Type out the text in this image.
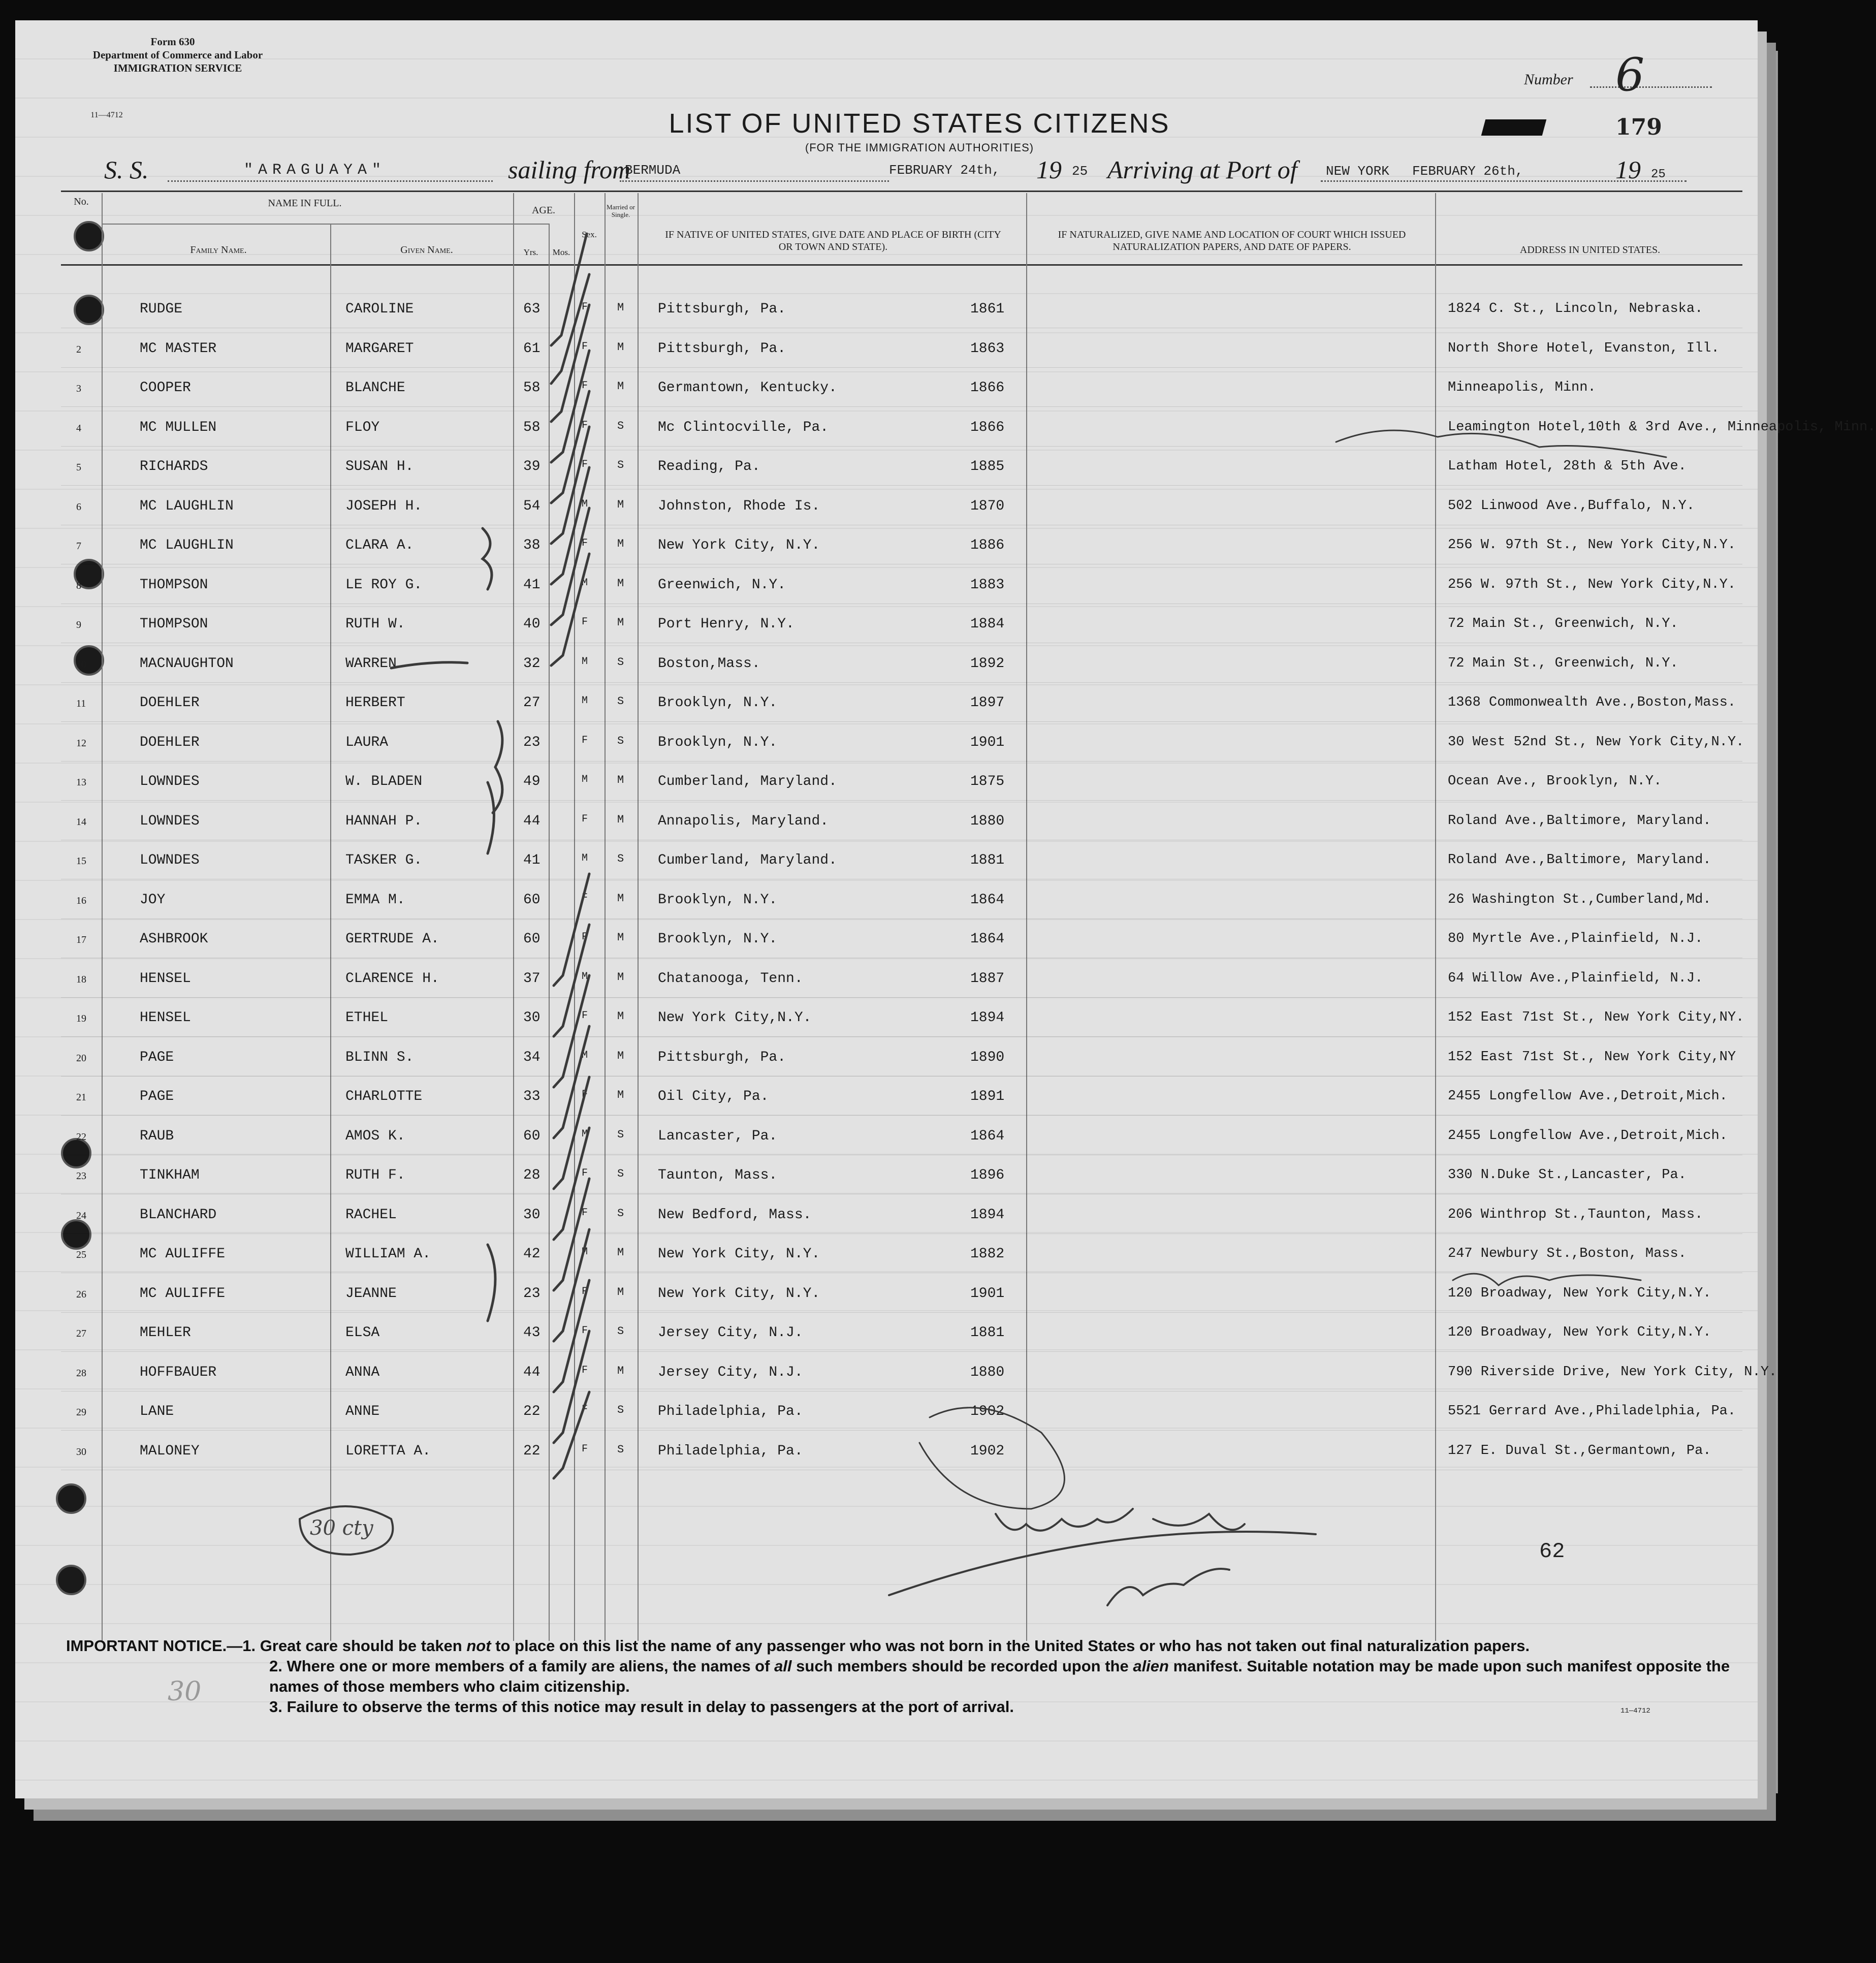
Form 630
Department of Commerce and Labor
IMMIGRATION SERVICE
11—4712
Number 6
179
LIST OF UNITED STATES CITIZENS
(FOR THE IMMIGRATION AUTHORITIES)
S. S.	"ARAGUAYA"	sailing from
BERMUDA	FEBRUARY 24th, 19 25 Arriving at Port of NEW YORK FEBRUARY 26th,	19 25
No.	NAME IN FULL.
Family Name.	Given Name.
AGE.
Yrs.	Mos.
Sex.
Married or Single.
IF NATIVE OF UNITED STATES, GIVE DATE AND PLACE OF BIRTH (CITY OR TOWN AND STATE).
IF NATURALIZED, GIVE NAME AND LOCATION OF COURT WHICH ISSUED NATURALIZATION PAPERS, AND DATE OF PAPERS.	ADDRESS IN UNITED STATES.
1	RUDGE	CAROLINE	63	F	M Pittsburgh, Pa.	1861	1824 C. St., Lincoln, Nebraska.
2	MC MASTER	MARGARET	61	F	M Pittsburgh, Pa.	1863	North Shore Hotel, Evanston, Ill.
3	COOPER	BLANCHE	58	F	M Germantown, Kentucky.	1866	Minneapolis, Minn.
4	MC MULLEN	FLOY	58	F	S Mc Clintocville, Pa.	1866	Leamington Hotel,10th & 3rd Ave., Minneapolis, Minn.
5	RICHARDS	SUSAN H.	39	F	S Reading, Pa.	1885	Latham Hotel, 28th & 5th Ave.
6	MC LAUGHLIN	JOSEPH H.	54	M	M Johnston, Rhode Is.	1870	502 Linwood Ave.,Buffalo, N.Y.
7	MC LAUGHLIN	CLARA A.	38	F	M New York City, N.Y.	1886	256 W. 97th St., New York City,N.Y.
8	THOMPSON	LE ROY G.	41	M	M Greenwich, N.Y.	1883	256 W. 97th St., New York City,N.Y.
9	THOMPSON	RUTH W.	40	F	M Port Henry, N.Y.	1884	72 Main St., Greenwich, N.Y.
10	MACNAUGHTON	WARREN	32	M	S Boston,Mass.	1892	72 Main St., Greenwich, N.Y.
11	DOEHLER	HERBERT	27	M	S Brooklyn, N.Y.	1897	1368 Commonwealth Ave.,Boston,Mass.
12	DOEHLER	LAURA	23	F	S Brooklyn, N.Y.	1901	30 West 52nd St., New York City,N.Y.
13	LOWNDES	W. BLADEN	49	M	M Cumberland, Maryland.	1875	Ocean Ave., Brooklyn, N.Y.
14	LOWNDES	HANNAH P.	44	F	M Annapolis, Maryland.	1880	Roland Ave.,Baltimore, Maryland.
15	LOWNDES	TASKER G.	41	M	S Cumberland, Maryland.	1881	Roland Ave.,Baltimore, Maryland.
16	JOY	EMMA M.	60	F	M Brooklyn, N.Y.	1864	26 Washington St.,Cumberland,Md.
17	ASHBROOK	GERTRUDE A.	60	F	M Brooklyn, N.Y.	1864	80 Myrtle Ave.,Plainfield, N.J.
18	HENSEL	CLARENCE H.	37	M	M Chatanooga, Tenn.	1887	64 Willow Ave.,Plainfield, N.J.
19	HENSEL	ETHEL	30	F	M New York City,N.Y.	1894	152 East 71st St., New York City,NY.
20	PAGE	BLINN S.	34	M	M Pittsburgh, Pa.	1890	152 East 71st St., New York City,NY
21	PAGE	CHARLOTTE	33	F	M Oil City, Pa.	1891	2455 Longfellow Ave.,Detroit,Mich.
22	RAUB	AMOS K.	60	M	S Lancaster, Pa.	1864	2455 Longfellow Ave.,Detroit,Mich.
23	TINKHAM	RUTH F.	28	F	S Taunton, Mass.	1896	330 N.Duke St.,Lancaster, Pa.
24	BLANCHARD	RACHEL	30	F	S New Bedford, Mass.	1894	206 Winthrop St.,Taunton, Mass.
25	MC AULIFFE	WILLIAM A.	42	M	M New York City, N.Y.	1882	247 Newbury St.,Boston, Mass.
26	MC AULIFFE	JEANNE	23	F	M New York City, N.Y.	1901	120 Broadway, New York City,N.Y.
27	MEHLER	ELSA	43	F	S Jersey City, N.J.	1881	120 Broadway, New York City,N.Y.
28	HOFFBAUER	ANNA	44	F	M Jersey City, N.J.	1880	790 Riverside Drive, New York City, N.Y.
29	LANE	ANNE	22	F	S Philadelphia, Pa.	1902	5521 Gerrard Ave.,Philadelphia, Pa.
30	MALONEY	LORETTA A.	22	F	S Philadelphia, Pa.	1902	127 E. Duval St.,Germantown, Pa.
30 cty
62
30
11—4712
IMPORTANT NOTICE.—1. Great care should be taken not to place on this list the name of any passenger who was not born in the United States or who has not taken out final naturalization papers.
2. Where one or more members of a family are aliens, the names of all such members should be recorded upon the alien manifest. Suitable notation may be made upon such manifest opposite the names of those members who claim citizenship.
3. Failure to observe the terms of this notice may result in delay to passengers at the port of arrival.
